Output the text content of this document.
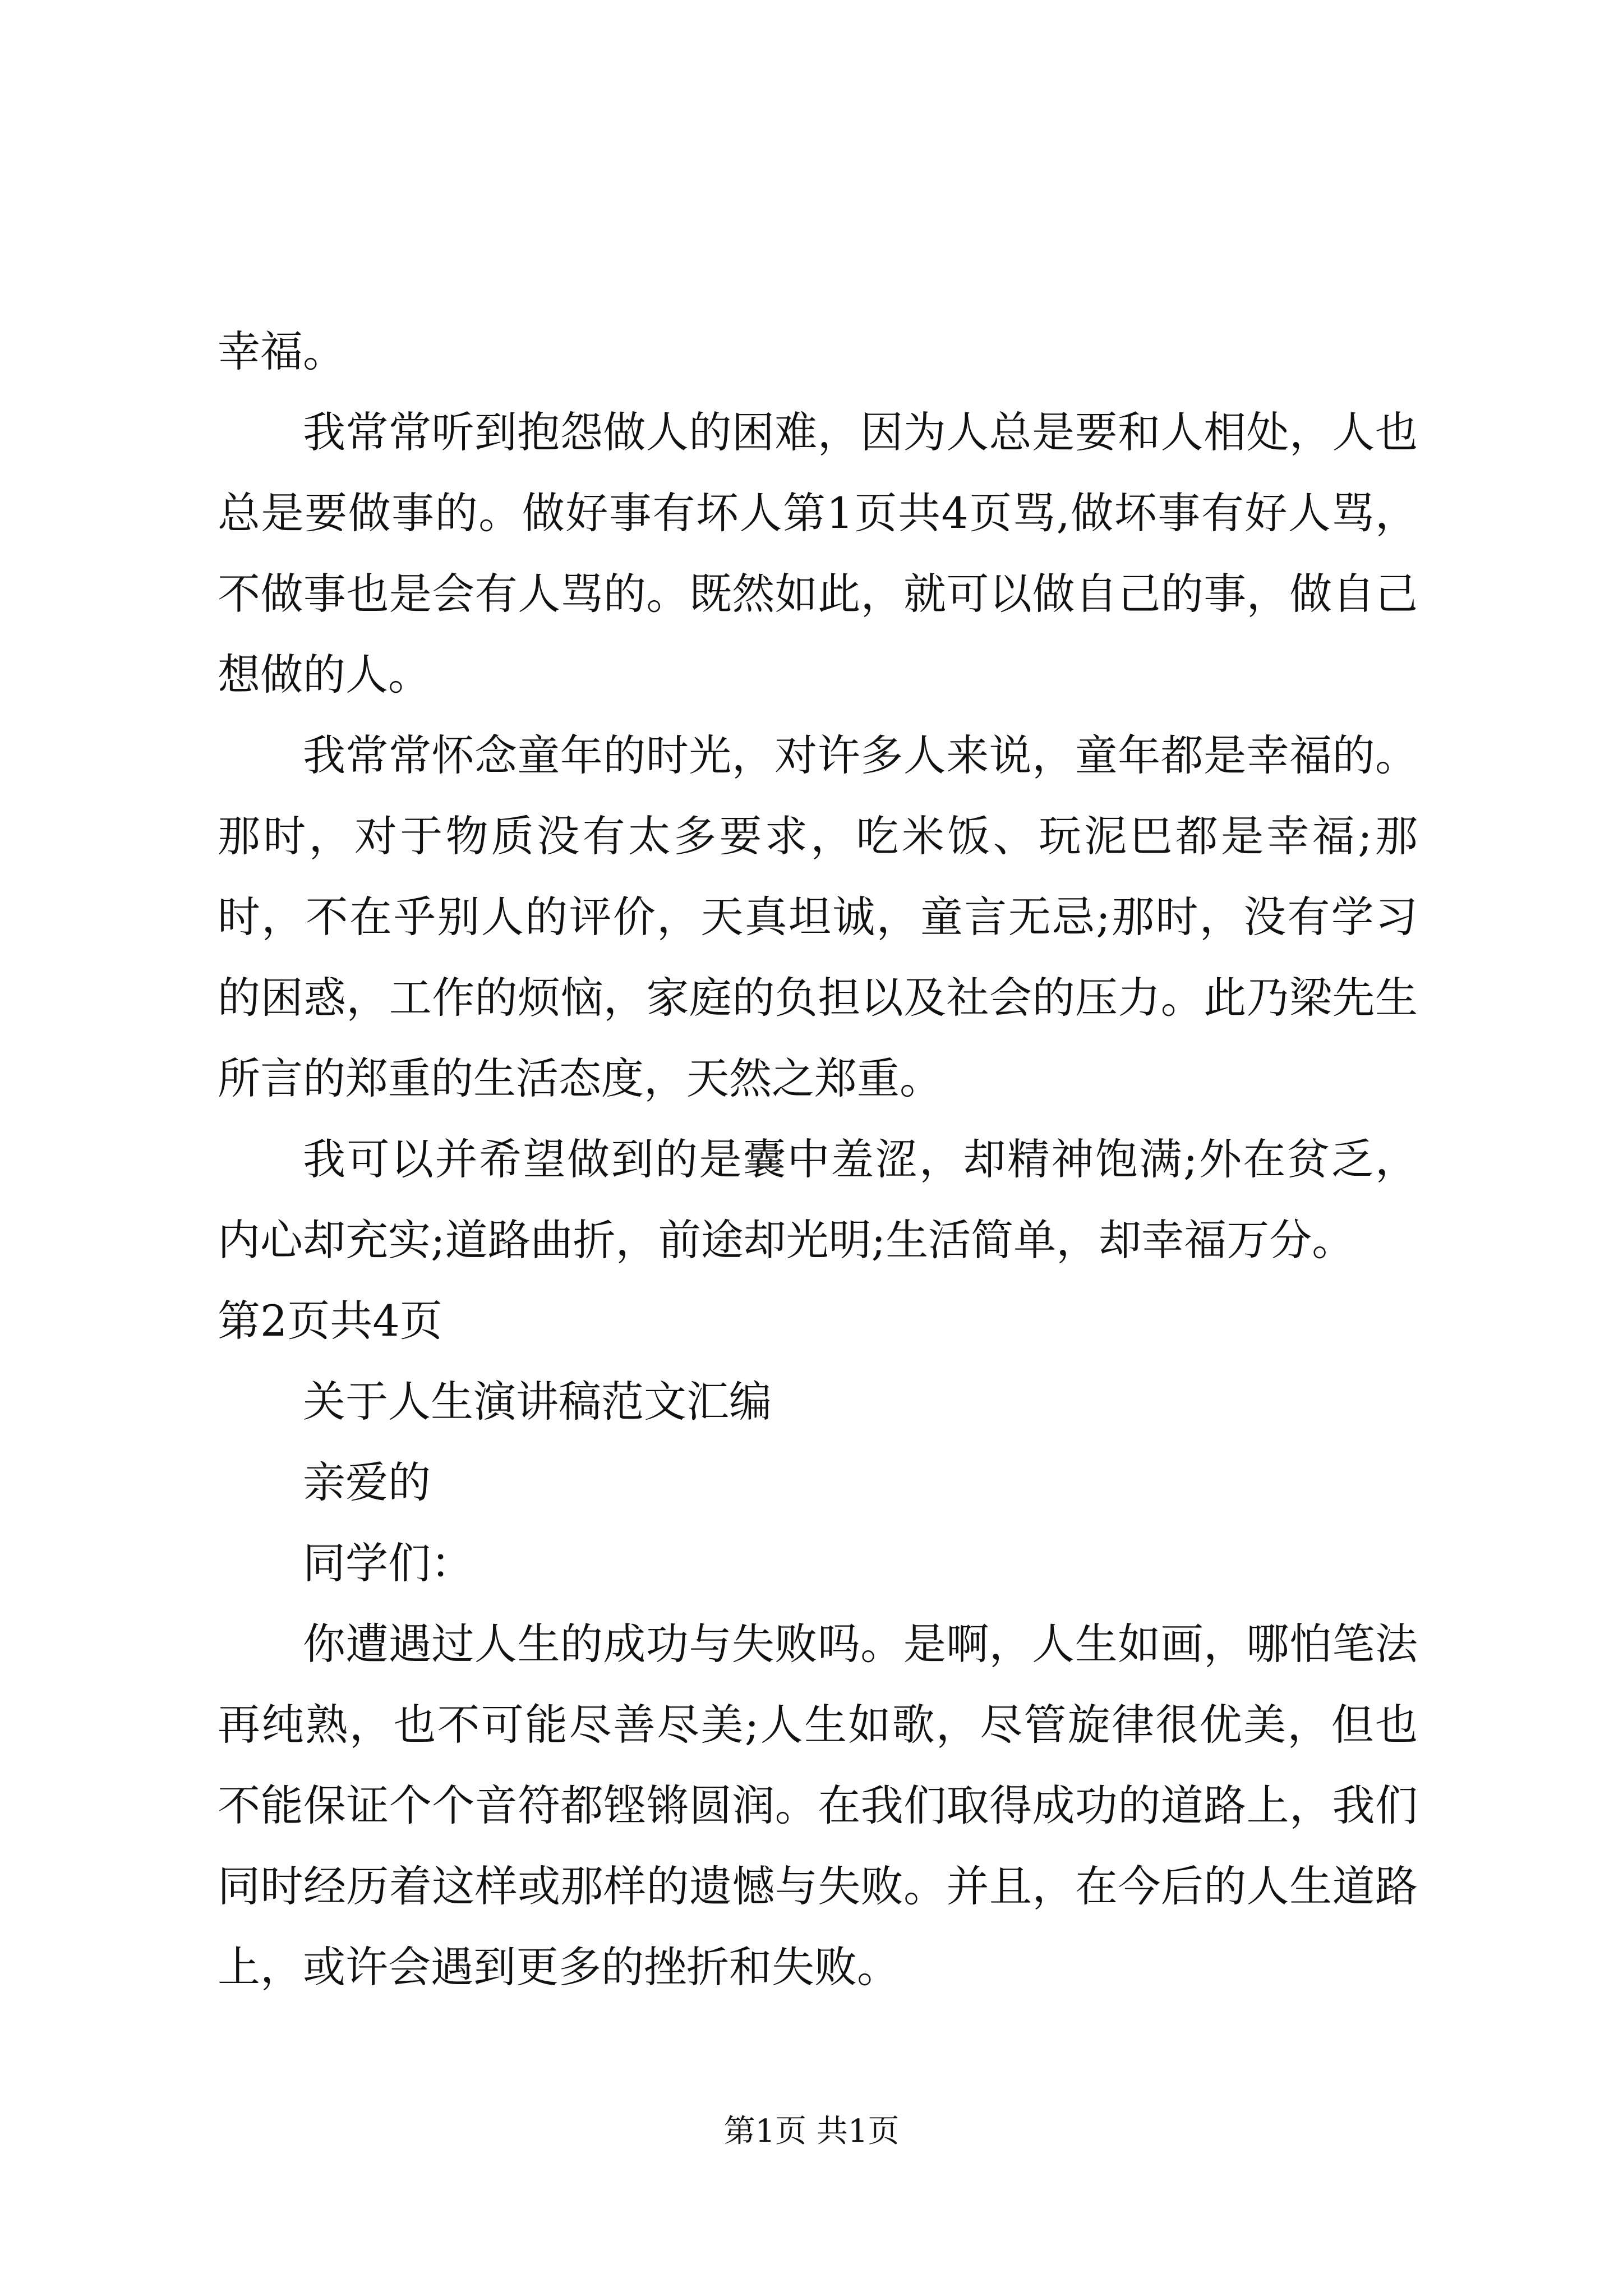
幸福。

我常常听到抱怨做人的困难，因为人总是要和人相处，人也总是要做事的。做好事有坏人第1页共4页骂,做坏事有好人骂，不做事也是会有人骂的。既然如此，就可以做自己的事，做自己想做的人。

我常常怀念童年的时光，对许多人来说，童年都是幸福的。那时，对于物质没有太多要求，吃米饭、玩泥巴都是幸福;那时，不在乎别人的评价，天真坦诚，童言无忌;那时，没有学习的困惑，工作的烦恼，家庭的负担以及社会的压力。此乃梁先生所言的郑重的生活态度，天然之郑重。

我可以并希望做到的是囊中羞涩，却精神饱满;外在贫乏，内心却充实;道路曲折，前途却光明;生活简单，却幸福万分。

第2页共4页

关于人生演讲稿范文汇编

亲爱的

同学们：

你遭遇过人生的成功与失败吗。是啊，人生如画，哪怕笔法再纯熟，也不可能尽善尽美;人生如歌，尽管旋律很优美，但也不能保证个个音符都铿锵圆润。在我们取得成功的道路上，我们同时经历着这样或那样的遗憾与失败。并且，在今后的人生道路上，或许会遇到更多的挫折和失败。

第1页 共1页
